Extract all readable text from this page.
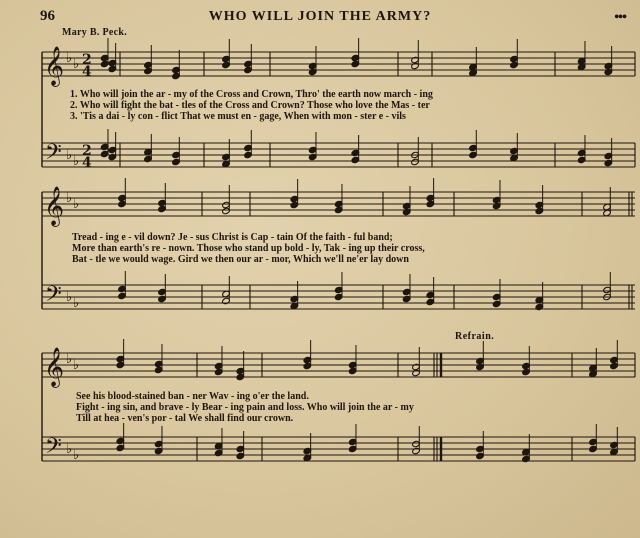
96	WHO WILL JOIN THE ARMY?	•••
Mary B. Peck.
Refrain.
𝄞
𝄢
♭ ♭
♭ ♭
2
4
2
4
𝄞
𝄢
♭ ♭
♭ ♭
𝄞
𝄢
♭ ♭
♭ ♭
1. Who will join the ar - my of the Cross and Crown, Thro' the earth now march - ing
2. Who will fight the bat - tles of the Cross and Crown? Those who love the Mas - ter
3. 'Tis a dai - ly con - flict That we must en - gage, When with mon - ster e - vils
Tread - ing e - vil down? Je - sus Christ is Cap - tain Of the faith - ful band;
More than earth's re - nown. Those who stand up bold - ly, Tak - ing up their cross,
Bat - tle we would wage. Gird we then our ar - mor, Which we'll ne'er lay down
See his blood-stained ban - ner Wav - ing o'er the land.
Fight - ing sin, and brave - ly Bear - ing pain and loss. Who will join the ar - my
Till at hea - ven's por - tal We shall find our crown.
